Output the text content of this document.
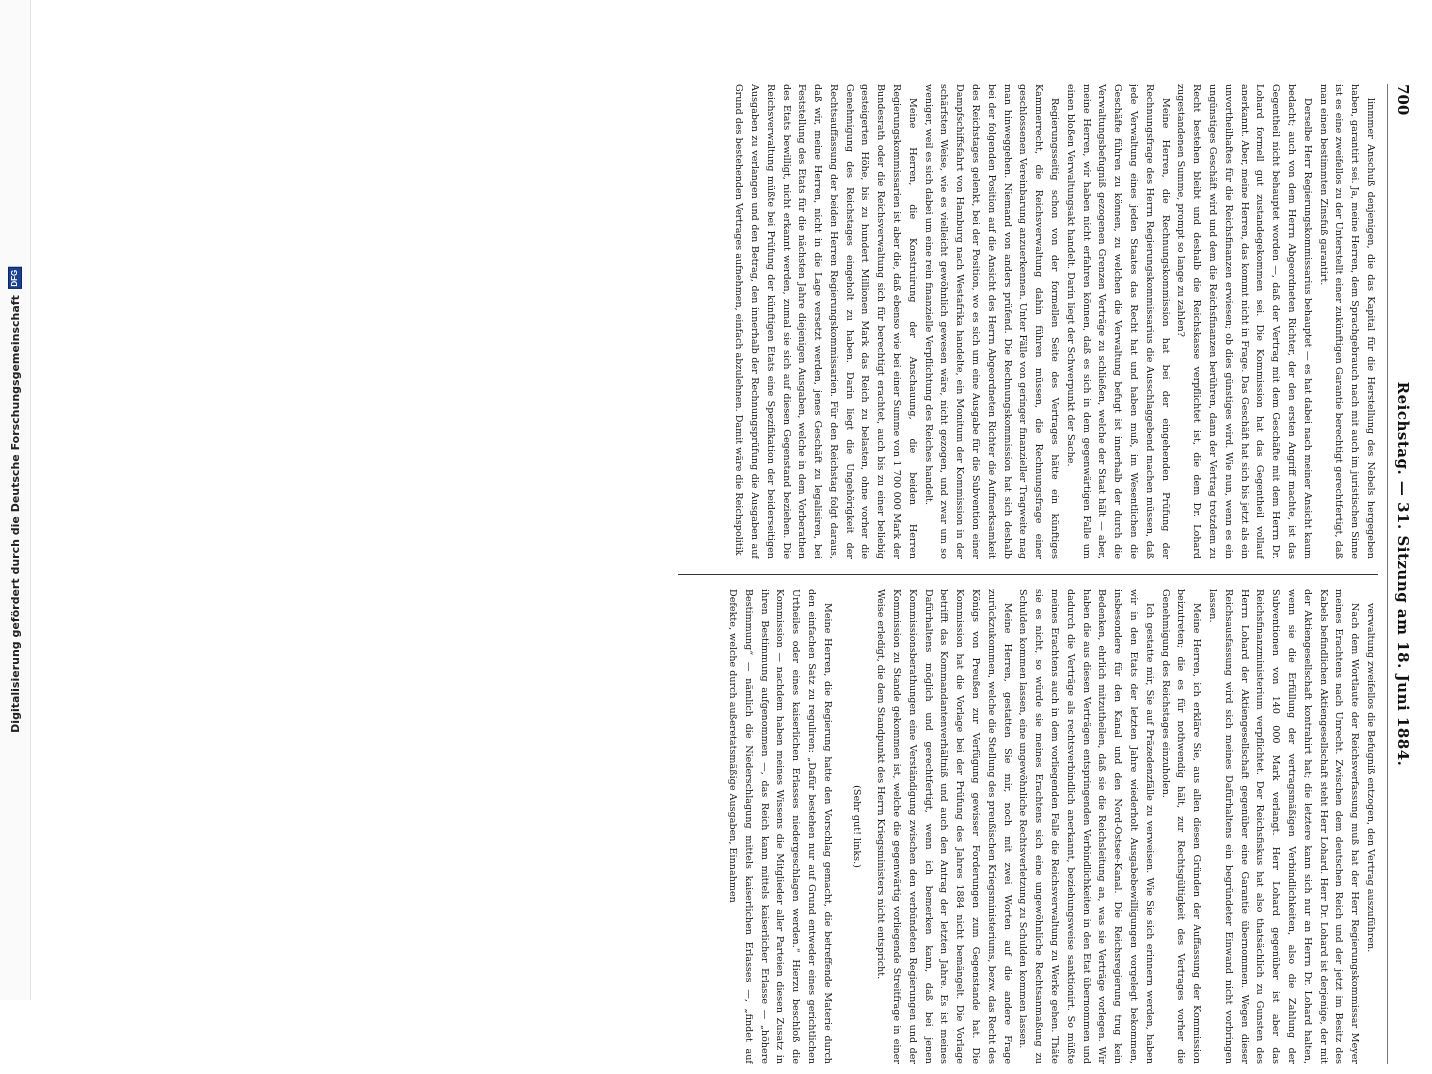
Digitalisierung gefördert durch die Deutsche Forschungsgemeinschaft
DFG
700
Reichstag. — 31. Sitzung am 18. Juni 1884.

linmmer Anschuß denjenigen, die das Kapital für die Herstellung des Nebels hergegeben haben, garantirt sei. Ja, meine Herren, dem Sprachgebrauch nach mit auch im juristischen Sinne ist es eine zweifellos zu der Unterstellt einer zukünftigen Garantie berechtigt gerechtfertigt, daß man einen bestimmten Zinsfuß garantirt.

Derselbe Herr Regierungskommissarius behauptet — es hat dabei nach meiner Ansicht kaum bedacht; auch von dem Herrn Abgeordneten Richter, der den ersten Angriff machte, ist das Gegentheil nicht behauptet worden —, daß der Vertrag mit dem Geschäfte mit dem Herrn Dr. Lohard formell gut zustandegekommen sei. Die Kommission hat das Gegentheil vollauf anerkannt. Aber, meine Herren, das kommt nicht in Frage. Das Geschäft hat sich bis jetzt als ein unvortheilhaftes für die Reichsfinanzen erwiesen; ob dies günstiges wird. Wie nun, wenn es ein ungünstiges Geschäft wird und dem die Reichsfinanzen berühren, dann der Vertrag trotzdem zu Recht bestehen bleibt und deshalb die Reichskasse verpflichtet ist, die dem Dr. Lohard zugestandenen Summe, prompt so lange zu zahlen?

Meine Herren, die Rechnungskommission hat bei der eingehenden Prüfung der Rechnungsfrage des Herrn Regierungskommissarius die Ausschlaggebend machen müssen, daß jede Verwaltung eines jeden Staates das Recht hat und haben muß, im Wesentlichen die Geschäfte führen zu können, zu welchen die Verwaltung befugt ist innerhalb der durch die Verwaltungsbefugniß gezogenen Grenzen Verträge zu schließen, welche der Staat hält — aber, meine Herren, wir haben nicht erfahren können, daß es sich in dem gegenwärtigen Falle um einen bloßen Verwaltungsakt handelt. Darin liegt der Schwerpunkt der Sache.

Regierungsseitig schon von der formellen Seite des Vertrages hätte ein künftiges Kammerrecht, die Reichsverwaltung dahin führen müssen, die Rechnungsfrage einer geschlossenen Vereinbarung anzuerkennen. Unter Fälle von geringer finanzieller Tragweite mag man hinweggehen. Niemand von anders prüfend. Die Rechnungskommission hat sich deshalb bei der folgenden Position auf die Ansicht des Herrn Abgeordneten Richter die Aufmerksamkeit des Reichstages gelenkt, bei der Position, wo es sich um eine Ausgabe für die Subvention einer Dampfschiffsfahrt von Hamburg nach Westafrika handelte, ein Monitum der Kommission in der schärfsten Weise, wie es vielleicht gewöhnlich gewesen wäre, nicht gezogen, und zwar um so weniger, weil es sich dabei um eine rein finanzielle Verpflichtung des Reiches handelt.

Meine Herren, die Konstruirung der Anschauung, die beiden Herren Regierungskommissarien ist aber die, daß ebenso wie bei einer Summe von 1 700 000 Mark der Bundesrath oder die Reichsverwaltung sich für berechtigt erachtet, auch bis zu einer beliebig gesteigerten Höhe, bis zu hundert Millionen Mark das Reich zu belasten, ohne vorher die Genehmigung des Reichstages eingeholt zu haben. Darin liegt die Ungehörigkeit der Rechtsauffassung der beiden Herren Regierungskommissarien. Für den Reichstag folgt daraus, daß wir, meine Herren, nicht in die Lage versetzt werden, jenes Geschäft zu legalisiren, bei Feststellung des Etats für die nächsten Jahre diejenigen Ausgaben, welche in dem Vorberathen des Etats bewilligt, nicht erkannt werden, zumal sie sich auf diesen Gegenstand beziehen. Die Reichsverwaltung müßte bei Prüfung der künftigen Etats eine Spezifikation der beiderseitigen Ausgaben zu verlangen und den Betrag, den innerhalb der Rechnungsprüfung die Ausgaben auf Grund des bestehenden Vertrages aufnehmen, einfach abzulehnen. Damit wäre die Reichspolitik

verwaltung zweifellos die Befugniß entzogen, den Vertrag auszuführen.

Nach dem Wortlaute der Reichsverfassung muß hat der Herr Regierungskommissar Meyer meines Erachtens nach Unrecht. Zwischen dem deutschen Reich und der jetzt im Besitz des Kabels befindlichen Aktiengesellschaft steht Herr Lohard. Herr Dr. Lohard ist derjenige, der mit der Aktiengesellschaft kontrahirt hat; die letztere kann sich nur an Herrn Dr. Lohard halten, wenn sie die Erfüllung der vertragsmäßigen Verbindlichkeiten, also die Zahlung der Subventionen von 140 000 Mark verlangt. Herr Lohard gegenüber ist aber das Reichsfinanzministerium verpflichtet. Der Reichsfiskus hat also thatsächlich zu Gunsten des Herrn Lohard der Aktiengesellschaft gegenüber eine Garantie übernommen. Wegen dieser Reichsausfassung wird sich meines Dafürhaltens ein begründeter Einwand nicht vorbringen lassen.

Meine Herren, ich erkläre Sie, aus allen diesen Gründen der Auffassung der Kommission beizutreten; die es für nothwendig hält, zur Rechtsgültigkeit des Vertrages vorher die Genehmigung des Reichstages einzuholen.

Ich gestatte mir, Sie auf Präzedenzfälle zu verweisen. Wie Sie sich erinnern werden, haben wir in den Etats der letzten Jahre wiederholt Ausgabebewilligungen vorgelegt bekommen, insbesondere für den Kanal und den Nord-Ostsee-Kanal. Die Reichsregierung trug kein Bedenken, ehrlich mitzutheilen, daß sie die Reichsleitung an, was sie Verträge vorlegen. Wir haben die aus diesen Verträgen entspringenden Verbindlichkeiten in den Etat übernommen und dadurch die Verträge als rechtsverbindlich anerkannt, beziehungsweise sanktionirt. So müßte meines Erachtens auch in dem vorliegenden Falle die Reichsverwaltung zu Werke gehen. Thäte sie es nicht, so würde sie meines Erachtens sich eine ungewöhnliche Rechtsanmaßung zu Schulden kommen lassen, eine ungewöhnliche Rechtsverletzung zu Schulden kommen lassen.

Meine Herren, gestatten Sie mir, noch mit zwei Worten auf die andere Frage zurückzukommen, welche die Stellung des preußischen Kriegsministeriums, bezw. das Recht des Königs von Preußen zur Verfügung gewisser Forderungen zum Gegenstande hat. Die Kommission hat die Vorlage bei der Prüfung des Jahres 1884 nicht bemängelt. Die Vorlage betrifft das Kommandantenverhältniß und auch den Antrag der letzten Jahre. Es ist meines Dafürhaltens möglich und gerechtfertigt, wenn ich bemerken kann, daß bei jenen Kommissionsberathungen eine Verständigung zwischen den verbündeten Regierungen und der Kommission zu Stande gekommen ist, welche die gegenwärtig vorliegende Streitfrage in einer Weise erledigt, die dem Standpunkt des Herrn Kriegsministers nicht entspricht.

(Sehr gut! links.)

Meine Herren, die Regierung hatte den Vorschlag gemacht, die betreffende Materie durch den einfachen Satz zu reguliren: „Dafür bestehen nur auf Grund entweder eines gerichtlichen Urtheiles oder eines kaiserlichen Erlasses niedergeschlagen werden.“ Hierzu beschloß die Kommission — nachdem haben meines Wissens die Mitglieder aller Parteien diesen Zusatz in ihren Bestimmung aufgenommen —, das Reich kann mittels kaiserlicher Erlasse — „höhere Bestimmung“ — nämlich die Niederschlagung mittels kaiserlichen Erlasses —, „findet auf Defekte, welche durch außeretatsmäßige Ausgaben, Einnahmen
